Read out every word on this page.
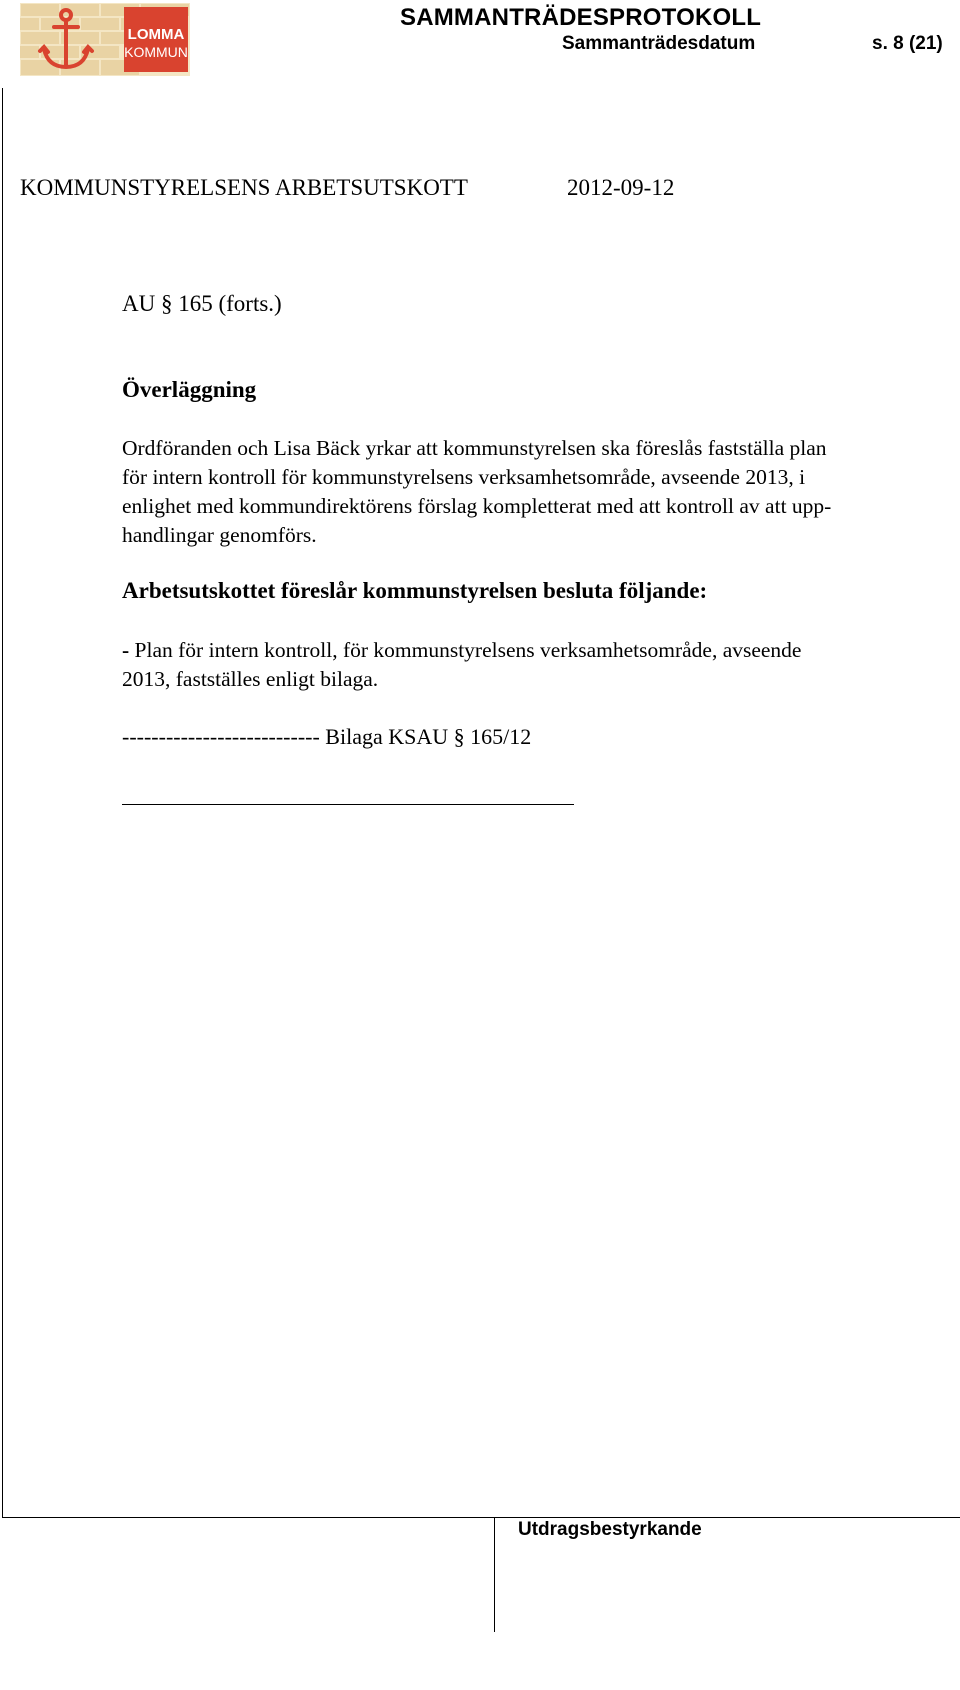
LOMMA
KOMMUN
SAMMANTRÄDESPROTOKOLL
Sammanträdesdatum	s. 8 (21)
KOMMUNSTYRELSENS ARBETSUTSKOTT	2012-09-12
AU § 165 (forts.)
Överläggning
Ordföranden och Lisa Bäck yrkar att kommunstyrelsen ska föreslås fastställa plan
för intern kontroll för kommunstyrelsens verksamhetsområde, avseende 2013, i
enlighet med kommundirektörens förslag kompletterat med att kontroll av att upp-
handlingar genomförs.
Arbetsutskottet föreslår kommunstyrelsen besluta följande:
- Plan för intern kontroll, för kommunstyrelsens verksamhetsområde, avseende
2013, fastställes enligt bilaga.
--------------------------- Bilaga KSAU § 165/12
Utdragsbestyrkande
